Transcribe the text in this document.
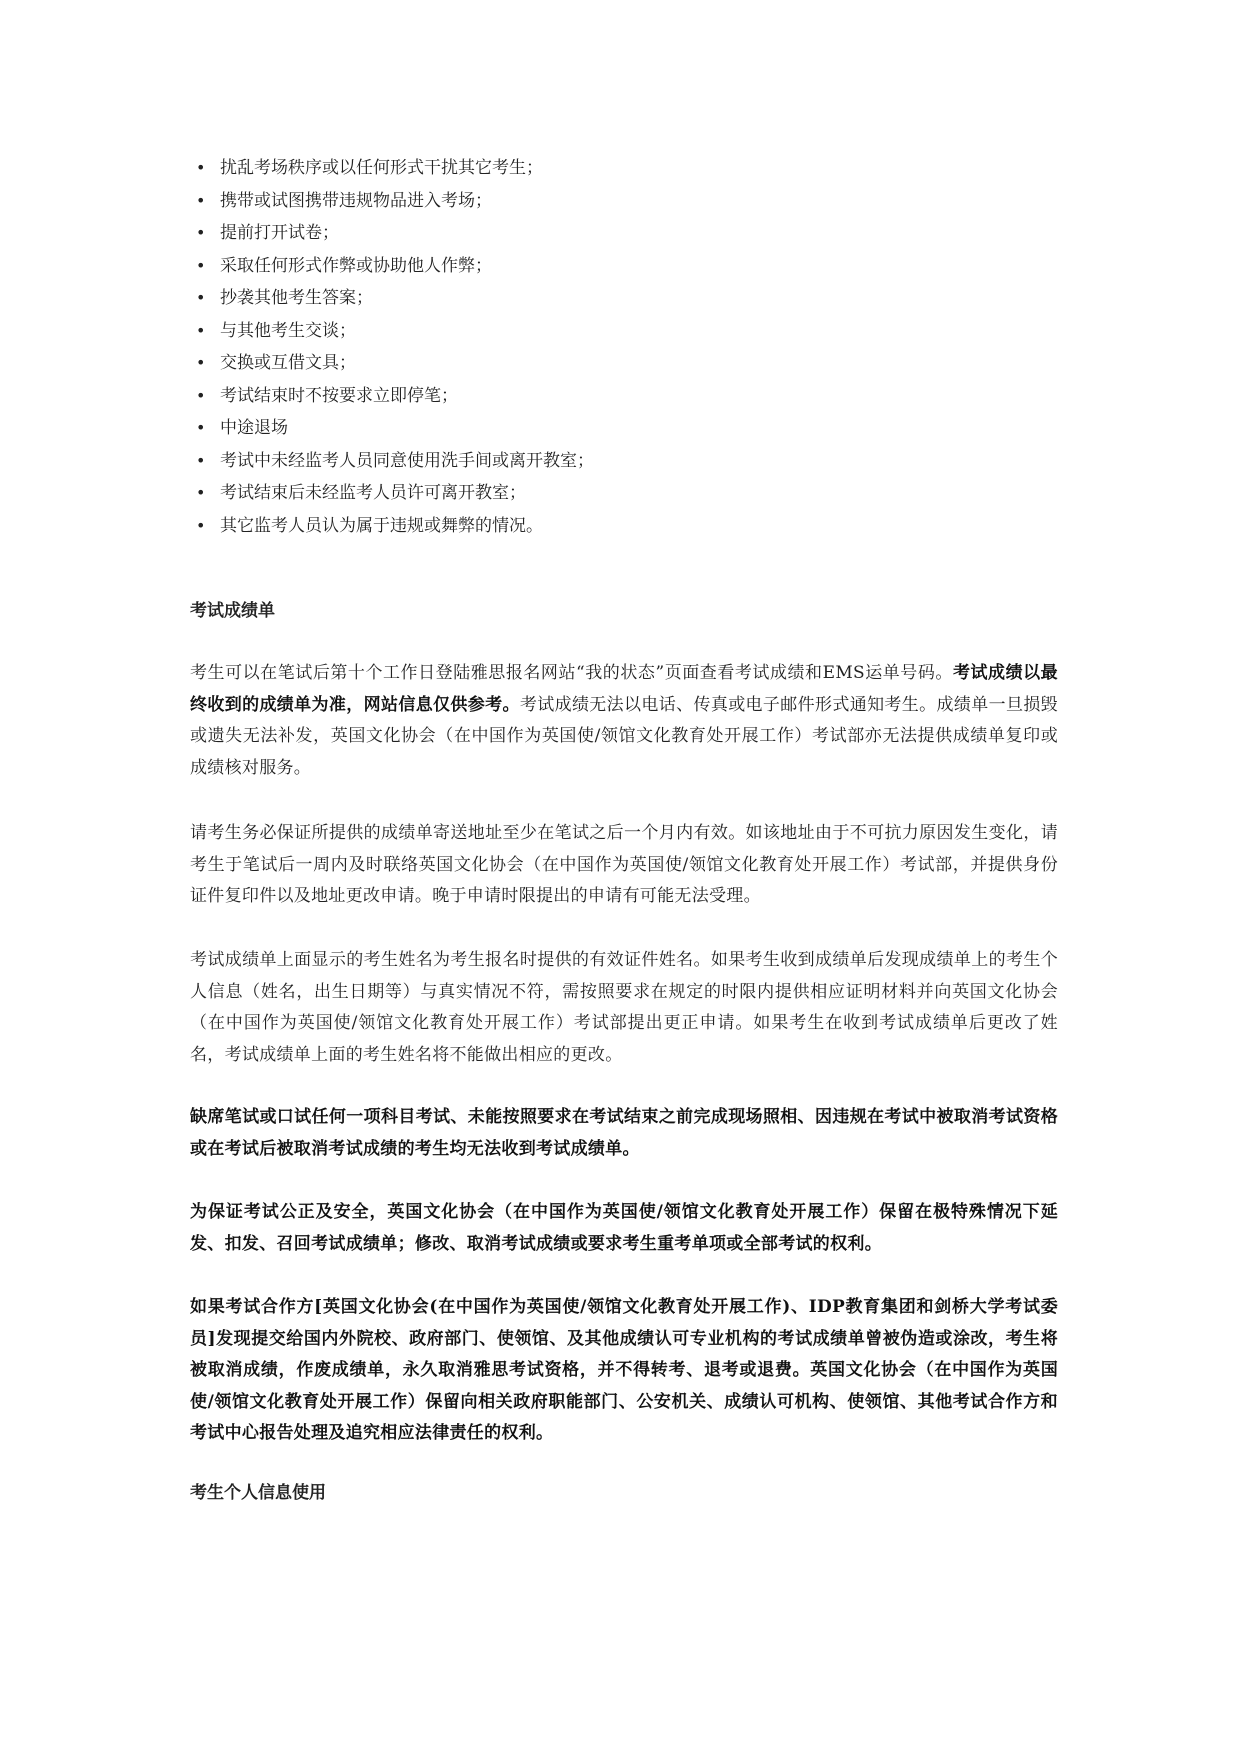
• 扰乱考场秩序或以任何形式干扰其它考生；
• 携带或试图携带违规物品进入考场；
• 提前打开试卷；
• 采取任何形式作弊或协助他人作弊；
• 抄袭其他考生答案；
• 与其他考生交谈；
• 交换或互借文具；
• 考试结束时不按要求立即停笔；
• 中途退场
• 考试中未经监考人员同意使用洗手间或离开教室；
• 考试结束后未经监考人员许可离开教室；
• 其它监考人员认为属于违规或舞弊的情况。
考试成绩单

考生可以在笔试后第十个工作日登陆雅思报名网站“我的状态”页面查看考试成绩和EMS运单号码。考试成绩以最终收到的成绩单为准，网站信息仅供参考。考试成绩无法以电话、传真或电子邮件形式通知考生。成绩单一旦损毁或遗失无法补发，英国文化协会（在中国作为英国使/领馆文化教育处开展工作）考试部亦无法提供成绩单复印或成绩核对服务。

请考生务必保证所提供的成绩单寄送地址至少在笔试之后一个月内有效。如该地址由于不可抗力原因发生变化，请考生于笔试后一周内及时联络英国文化协会（在中国作为英国使/领馆文化教育处开展工作）考试部，并提供身份证件复印件以及地址更改申请。晚于申请时限提出的申请有可能无法受理。

考试成绩单上面显示的考生姓名为考生报名时提供的有效证件姓名。如果考生收到成绩单后发现成绩单上的考生个人信息（姓名，出生日期等）与真实情况不符，需按照要求在规定的时限内提供相应证明材料并向英国文化协会（在中国作为英国使/领馆文化教育处开展工作）考试部提出更正申请。如果考生在收到考试成绩单后更改了姓名，考试成绩单上面的考生姓名将不能做出相应的更改。

缺席笔试或口试任何一项科目考试、未能按照要求在考试结束之前完成现场照相、因违规在考试中被取消考试资格或在考试后被取消考试成绩的考生均无法收到考试成绩单。

为保证考试公正及安全，英国文化协会（在中国作为英国使/领馆文化教育处开展工作）保留在极特殊情况下延发、扣发、召回考试成绩单；修改、取消考试成绩或要求考生重考单项或全部考试的权利。

如果考试合作方[英国文化协会(在中国作为英国使/领馆文化教育处开展工作)、IDP教育集团和剑桥大学考试委员]发现提交给国内外院校、政府部门、使领馆、及其他成绩认可专业机构的考试成绩单曾被伪造或涂改，考生将被取消成绩，作废成绩单，永久取消雅思考试资格，并不得转考、退考或退费。英国文化协会（在中国作为英国使/领馆文化教育处开展工作）保留向相关政府职能部门、公安机关、成绩认可机构、使领馆、其他考试合作方和考试中心报告处理及追究相应法律责任的权利。

考生个人信息使用
